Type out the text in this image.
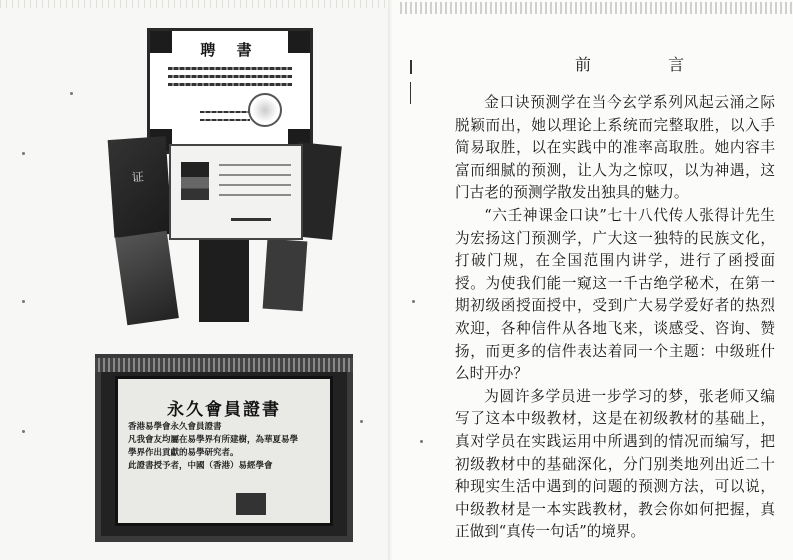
聘 書
证
永久會員證書
香港易學會永久會員證書
凡我會友均屬在易學界有所建樹，為華夏易學
學界作出貢獻的易學研究者。
此證書授予者，中國（香港）易經學會
前 言

金口诀预测学在当今玄学系列风起云涌之际脱颖而出，她以理论上系统而完整取胜，以入手简易取胜，以在实践中的准率高取胜。她内容丰富而细腻的预测，让人为之惊叹，以为神遇，这门古老的预测学散发出独具的魅力。

“六壬神课金口诀”七十八代传人张得计先生为宏扬这门预测学，广大这一独特的民族文化，打破门规，在全国范围内讲学，进行了函授面授。为使我们能一窥这一千古绝学秘术，在第一期初级函授面授中，受到广大易学爱好者的热烈欢迎，各种信件从各地飞来，谈感受、咨询、赞扬，而更多的信件表达着同一个主题：中级班什么时开办？

为圆许多学员进一步学习的梦，张老师又编写了这本中级教材，这是在初级教材的基础上，真对学员在实践运用中所遇到的情况而编写，把初级教材中的基础深化，分门别类地列出近二十种现实生活中遇到的问题的预测方法，可以说，中级教材是一本实践教材，教会你如何把握，真正做到“真传一句话”的境界。
